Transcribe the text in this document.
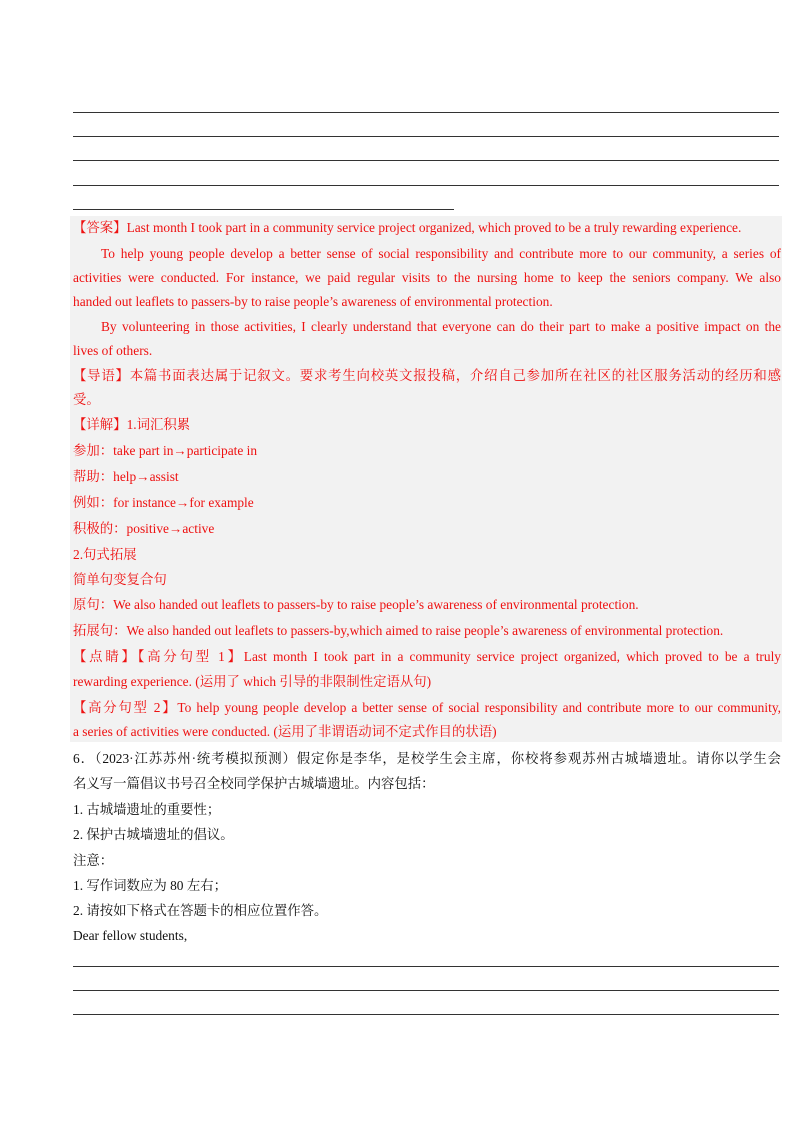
【答案】Last month I took part in a community service project organized, which proved to be a truly rewarding experience.
To help young people develop a better sense of social responsibility and contribute more to our community, a series of
activities were conducted. For instance, we paid regular visits to the nursing home to keep the seniors company. We also
handed out leaflets to passers-by to raise people’s awareness of environmental protection.
By volunteering in those activities, I clearly understand that everyone can do their part to make a positive impact on the
lives of others.
【导语】本篇书面表达属于记叙文。要求考生向校英文报投稿，介绍自己参加所在社区的社区服务活动的经历和感
受。
【详解】1.词汇积累
参加：take part in→participate in
帮助：help→assist
例如：for instance→for example
积极的：positive→active
2.句式拓展
简单句变复合句
原句：We also handed out leaflets to passers-by to raise people’s awareness of environmental protection.
拓展句：We also handed out leaflets to passers-by,which aimed to raise people’s awareness of environmental protection.
【点睛】【高分句型 1】Last month I took part in a community service project organized, which proved to be a truly
rewarding experience. (运用了 which 引导的非限制性定语从句)
【高分句型 2】To help young people develop a better sense of social responsibility and contribute more to our community,
a series of activities were conducted. (运用了非谓语动词不定式作目的状语)
6．（2023·江苏苏州·统考模拟预测）假定你是李华，是校学生会主席，你校将参观苏州古城墙遗址。请你以学生会
名义写一篇倡议书号召全校同学保护古城墙遗址。内容包括：
1. 古城墙遗址的重要性；
2. 保护古城墙遗址的倡议。
注意：
1. 写作词数应为 80 左右；
2. 请按如下格式在答题卡的相应位置作答。
Dear fellow students,
